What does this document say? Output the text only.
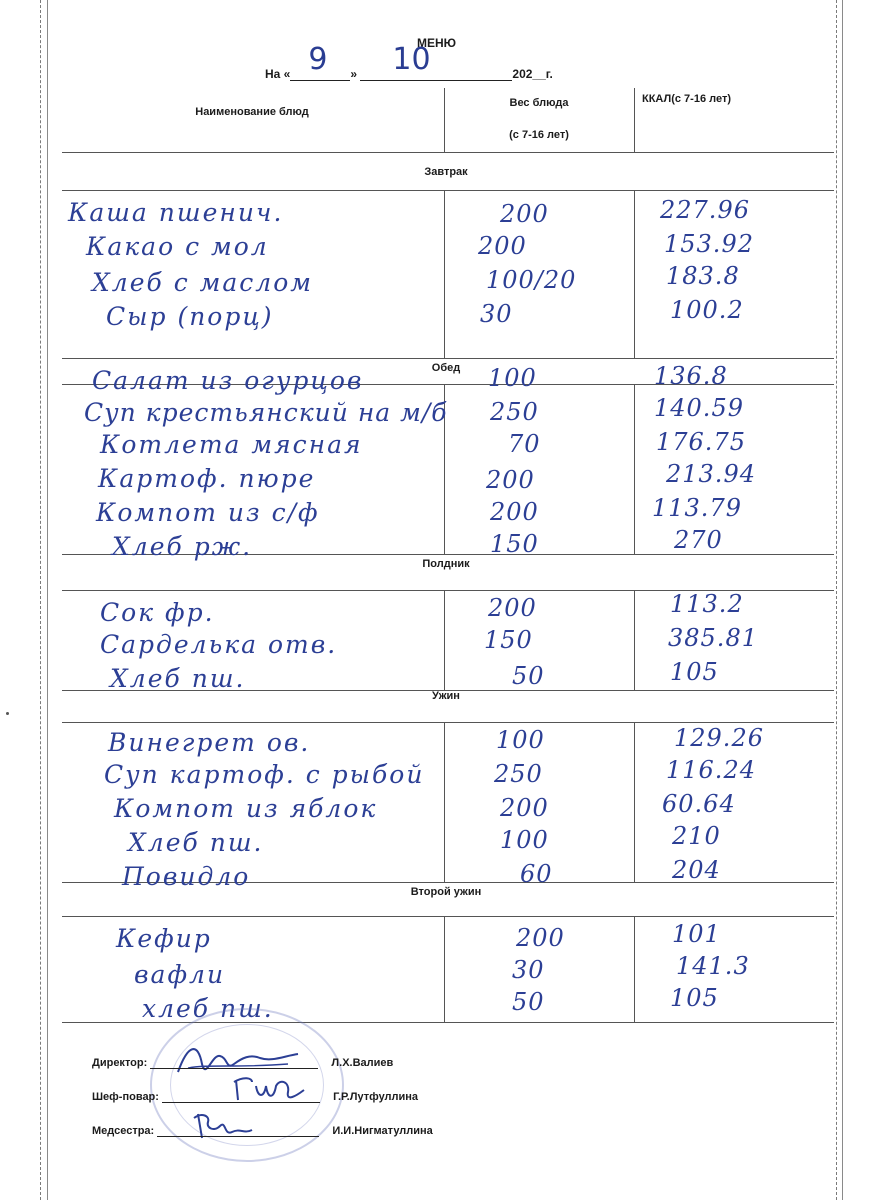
МЕНЮ
На « 9 » 10	202__г.
Наименование блюд
Вес блюда
(с 7-16 лет)
ККАЛ(с 7-16 лет)
Завтрак
Обед
Полдник
Ужин
Второй ужин
Каша пшенич.	200	227.96
Какао с мол	200	153.92
Хлеб с маслом	100/20	183.8
Сыр (порц)	30	100.2
Салат из огурцов	100	136.8
Суп крестьянский на м/б 250	140.59
Котлета мясная	70	176.75
Картоф. пюре	200	213.94
Компот из с/ф	200	113.79
Хлеб рж.	150	270
Сок фр.	200	113.2
Сарделька отв.	150	385.81
Хлеб пш.	50	105
Винегрет ов.	100	129.26
Суп картоф. с рыбой	250	116.24
Компот из яблок	200	60.64
Хлеб пш.	100	210
Повидло	60	204
Кефир	200	101
вафли	30	141.3
хлеб пш.	50	105
Директор:	Л.Х.Валиев
Шеф-повар:	Г.Р.Лутфуллина
Медсестра:	И.И.Нигматуллина
